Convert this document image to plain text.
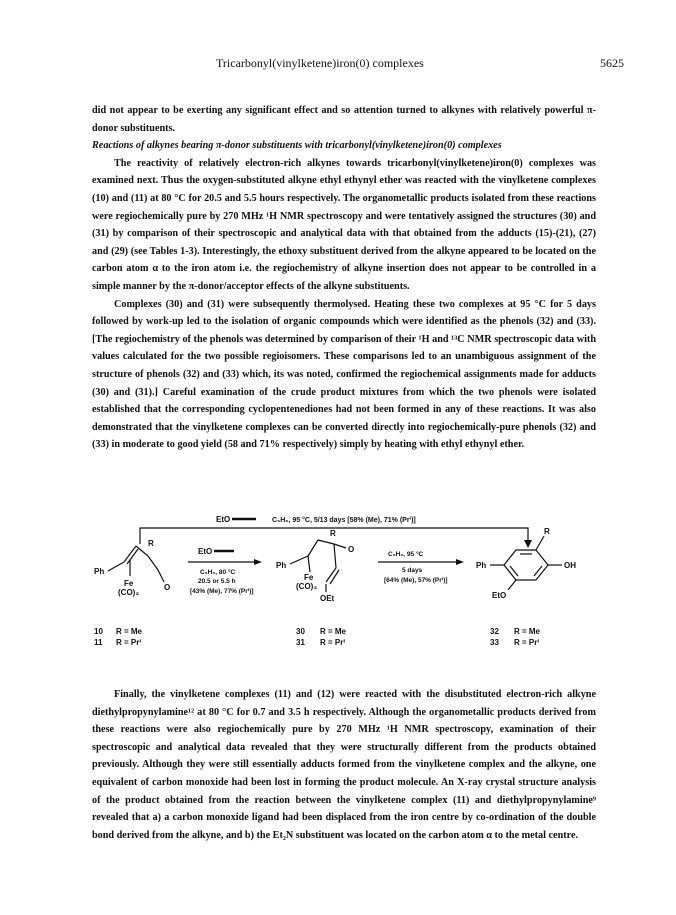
Tricarbonyl(vinylketene)iron(0) complexes	5625

did not appear to be exerting any significant effect and so attention turned to alkynes with relatively powerful π-donor substituents.

Reactions of alkynes bearing π-donor substituents with tricarbonyl(vinylketene)iron(0) complexes

The reactivity of relatively electron-rich alkynes towards tricarbonyl(vinylketene)iron(0) complexes was examined next. Thus the oxygen-substituted alkyne ethyl ethynyl ether was reacted with the vinylketene complexes (10) and (11) at 80 °C for 20.5 and 5.5 hours respectively. The organometallic products isolated from these reactions were regiochemically pure by 270 MHz ¹H NMR spectroscopy and were tentatively assigned the structures (30) and (31) by comparison of their spectroscopic and analytical data with that obtained from the adducts (15)-(21), (27) and (29) (see Tables 1-3). Interestingly, the ethoxy substituent derived from the alkyne appeared to be located on the carbon atom α to the iron atom i.e. the regiochemistry of alkyne insertion does not appear to be controlled in a simple manner by the π-donor/acceptor effects of the alkyne substituents.

Complexes (30) and (31) were subsequently thermolysed. Heating these two complexes at 95 °C for 5 days followed by work-up led to the isolation of organic compounds which were identified as the phenols (32) and (33). [The regiochemistry of the phenols was determined by comparison of their ¹H and ¹³C NMR spectroscopic data with values calculated for the two possible regioisomers. These comparisons led to an unambiguous assignment of the structure of phenols (32) and (33) which, its was noted, confirmed the regiochemical assignments made for adducts (30) and (31).] Careful examination of the crude product mixtures from which the two phenols were isolated established that the corresponding cyclopentenediones had not been formed in any of these reactions. It was also demonstrated that the vinylketene complexes can be converted directly into regiochemically-pure phenols (32) and (33) in moderate to good yield (58 and 71% respectively) simply by heating with ethyl ethynyl ether.

EtO	C₆H₆, 95 °C, 5/13 days [58% (Me), 71% (Prⁱ)]
Ph
R
O
Fe
(CO)₃
EtO
C₆H₆, 80 °C
20.5 or 5.5 h
[43% (Me), 77% (Prⁱ)]
Ph
R
O
Fe
(CO)₃
OEt
C₆H₆, 95 °C
5 days
[64% (Me), 57% (Prⁱ)]
Ph
R
OH
EtO
10 R = Me
11 R = Prⁱ
30 R = Me
31 R = Prⁱ
32 R = Me
33 R = Prⁱ

Finally, the vinylketene complexes (11) and (12) were reacted with the disubstituted electron-rich alkyne diethylpropynylamine¹² at 80 °C for 0.7 and 3.5 h respectively. Although the organometallic products derived from these reactions were also regiochemically pure by 270 MHz ¹H NMR spectroscopy, examination of their spectroscopic and analytical data revealed that they were structurally different from the products obtained previously. Although they were still essentially adducts formed from the vinylketene complex and the alkyne, one equivalent of carbon monoxide had been lost in forming the product molecule. An X-ray crystal structure analysis of the product obtained from the reaction between the vinylketene complex (11) and diethylpropynylamine⁹ revealed that a) a carbon monoxide ligand had been displaced from the iron centre by co-ordination of the double bond derived from the alkyne, and b) the Et₂N substituent was located on the carbon atom α to the metal centre.
